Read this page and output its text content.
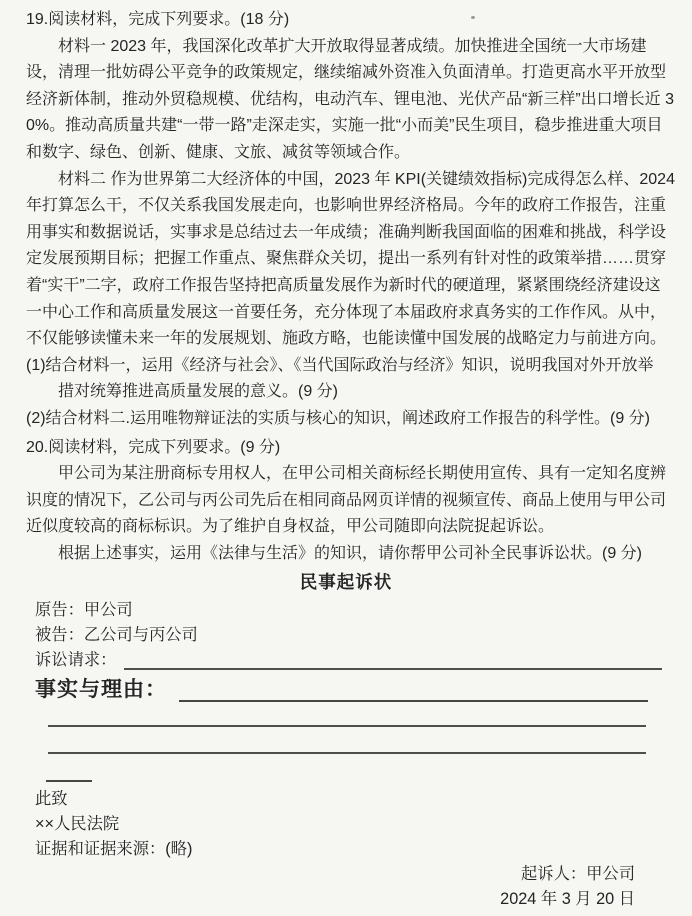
19.阅读材料，完成下列要求。(18 分)
　　材料一 2023 年，我国深化改革扩大开放取得显著成绩。加快推进全国统一大市场建
设，清理一批妨碍公平竞争的政策规定，继续缩减外资准入负面清单。打造更高水平开放型
经济新体制，推动外贸稳规模、优结构，电动汽车、锂电池、光伏产品“新三样”出口增长近 3
0%。推动高质量共建“一带一路”走深走实，实施一批“小而美”民生项目，稳步推进重大项目
和数字、绿色、创新、健康、文旅、减贫等领域合作。
　　材料二 作为世界第二大经济体的中国，2023 年 KPI(关键绩效指标)完成得怎么样、2024
年打算怎么干，不仅关系我国发展走向，也影响世界经济格局。今年的政府工作报告，注重
用事实和数据说话，实事求是总结过去一年成绩；准确判断我国面临的困难和挑战，科学设
定发展预期目标；把握工作重点、聚焦群众关切，提出一系列有针对性的政策举措……贯穿
着“实干”二字，政府工作报告坚持把高质量发展作为新时代的硬道理，紧紧围绕经济建设这
一中心工作和高质量发展这一首要任务，充分体现了本届政府求真务实的工作作风。从中，
不仅能够读懂未来一年的发展规划、施政方略，也能读懂中国发展的战略定力与前进方向。
(1)结合材料一，运用《经济与社会》、《当代国际政治与经济》知识，说明我国对外开放举
　　措对统筹推进高质量发展的意义。(9 分)
(2)结合材料二.运用唯物辩证法的实质与核心的知识，阐述政府工作报告的科学性。(9 分)
20.阅读材料，完成下列要求。(9 分)
　　甲公司为某注册商标专用权人，在甲公司相关商标经长期使用宣传、具有一定知名度辨
识度的情况下，乙公司与丙公司先后在相同商品网页详情的视频宣传、商品上使用与甲公司
近似度较高的商标标识。为了维护自身权益，甲公司随即向法院捉起诉讼。
　　根据上述事实，运用《法律与生活》的知识，请你帮甲公司补全民事诉讼状。(9 分)
民事起诉状
原告：甲公司
被告：乙公司与丙公司
诉讼请求：
事实与理由：
此致
××人民法院
证据和证据来源：(略)
起诉人：甲公司
2024 年 3 月 20 日
